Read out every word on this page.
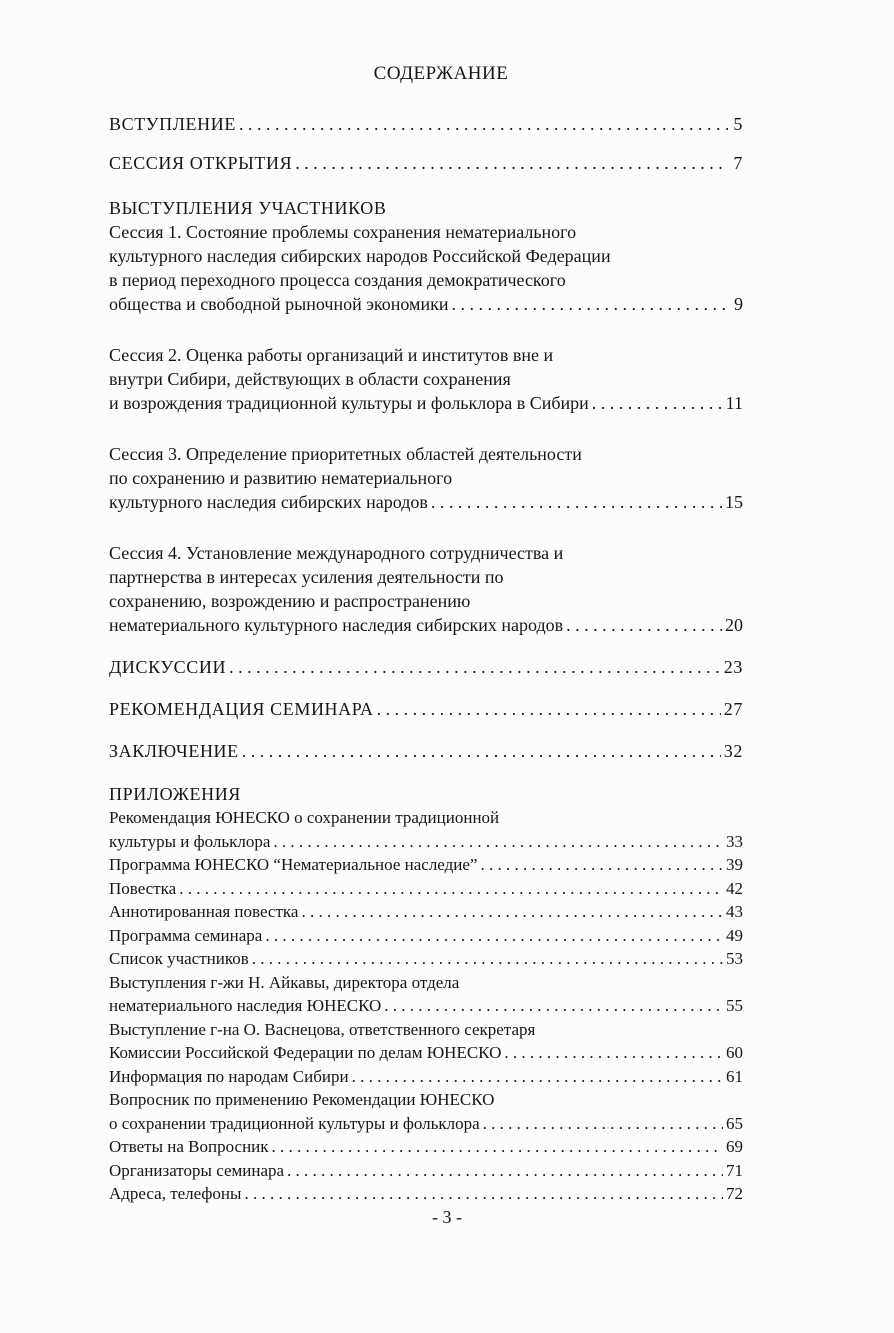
СОДЕРЖАНИЕ
ВСТУПЛЕНИЕ . . .	5
СЕССИЯ ОТКРЫТИЯ . . .	7
ВЫСТУПЛЕНИЯ УЧАСТНИКОВ
Сессия 1. Состояние проблемы сохранения нематериального
культурного наследия сибирских народов Российской Федерации
в период переходного процесса создания демократического
общества и свободной рыночной экономики . . .	9
Сессия 2. Оценка работы организаций и институтов вне и
внутри Сибири, действующих в области сохранения
и возрождения традиционной культуры и фольклора в Сибири . . .	11
Сессия 3. Определение приоритетных областей деятельности
по сохранению и развитию нематериального
культурного наследия сибирских народов . . .	15
Сессия 4. Установление международного сотрудничества и
партнерства в интересах усиления деятельности по
сохранению, возрождению и распространению
нематериального культурного наследия сибирских народов . . .	20
ДИСКУССИИ . . .	23
РЕКОМЕНДАЦИЯ СЕМИНАРА . . .	27
ЗАКЛЮЧЕНИЕ . . .	32
ПРИЛОЖЕНИЯ
Рекомендация ЮНЕСКО о сохранении традиционной
культуры и фольклора . . .	33
Программа ЮНЕСКО “Нематериальное наследие” . . .	39
Повестка . . .	42
Аннотированная повестка . . .	43
Программа семинара . . .	49
Список участников . . .	53
Выступления г-жи Н. Айкавы, директора отдела
нематериального наследия ЮНЕСКО . . .	55
Выступление г-на О. Васнецова, ответственного секретаря
Комиссии Российской Федерации по делам ЮНЕСКО . . .	60
Информация по народам Сибири . . .	61
Вопросник по применению Рекомендации ЮНЕСКО
о сохранении традиционной культуры и фольклора . . .	65
Ответы на Вопросник . . .	69
Организаторы семинара . . .	71
Адреса, телефоны . . .	72
- 3 -
